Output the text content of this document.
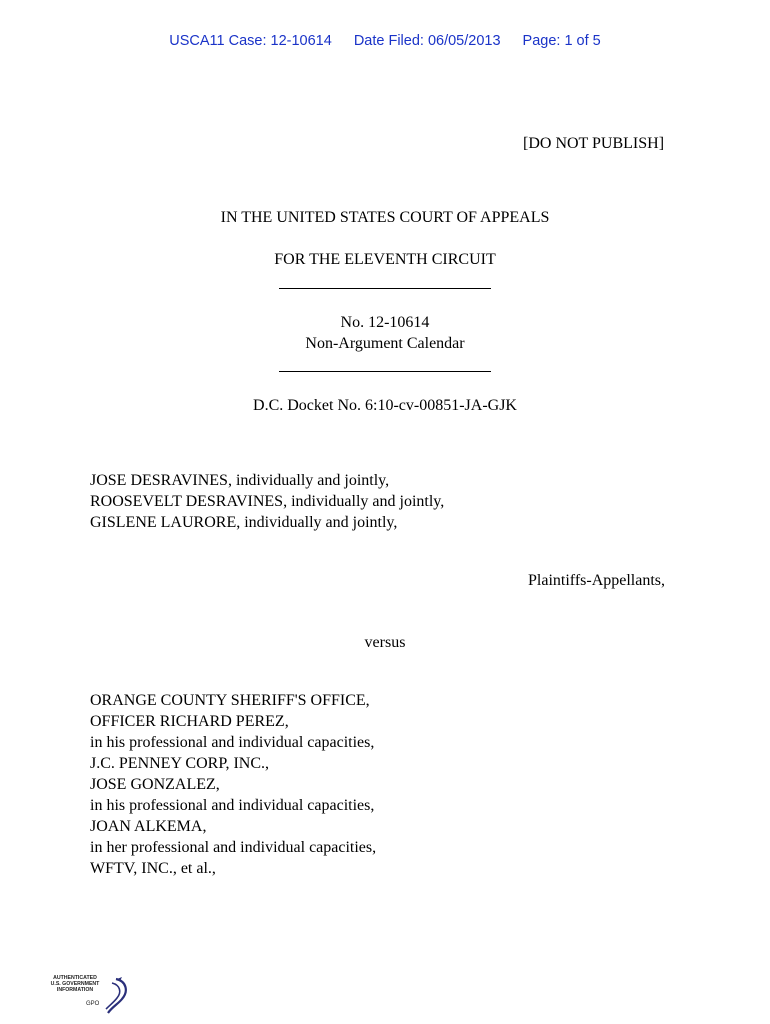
USCA11 Case: 12-10614 Date Filed: 06/05/2013 Page: 1 of 5
[DO NOT PUBLISH]
IN THE UNITED STATES COURT OF APPEALS
FOR THE ELEVENTH CIRCUIT
No. 12-10614
Non-Argument Calendar
D.C. Docket No. 6:10-cv-00851-JA-GJK
JOSE DESRAVINES, individually and jointly,
ROOSEVELT DESRAVINES, individually and jointly,
GISLENE LAURORE, individually and jointly,
Plaintiffs-Appellants,
versus
ORANGE COUNTY SHERIFF'S OFFICE,
OFFICER RICHARD PEREZ,
in his professional and individual capacities,
J.C. PENNEY CORP, INC.,
JOSE GONZALEZ,
in his professional and individual capacities,
JOAN ALKEMA,
in her professional and individual capacities,
WFTV, INC., et al.,
AUTHENTICATED
U.S. GOVERNMENT
INFORMATION
GPO
